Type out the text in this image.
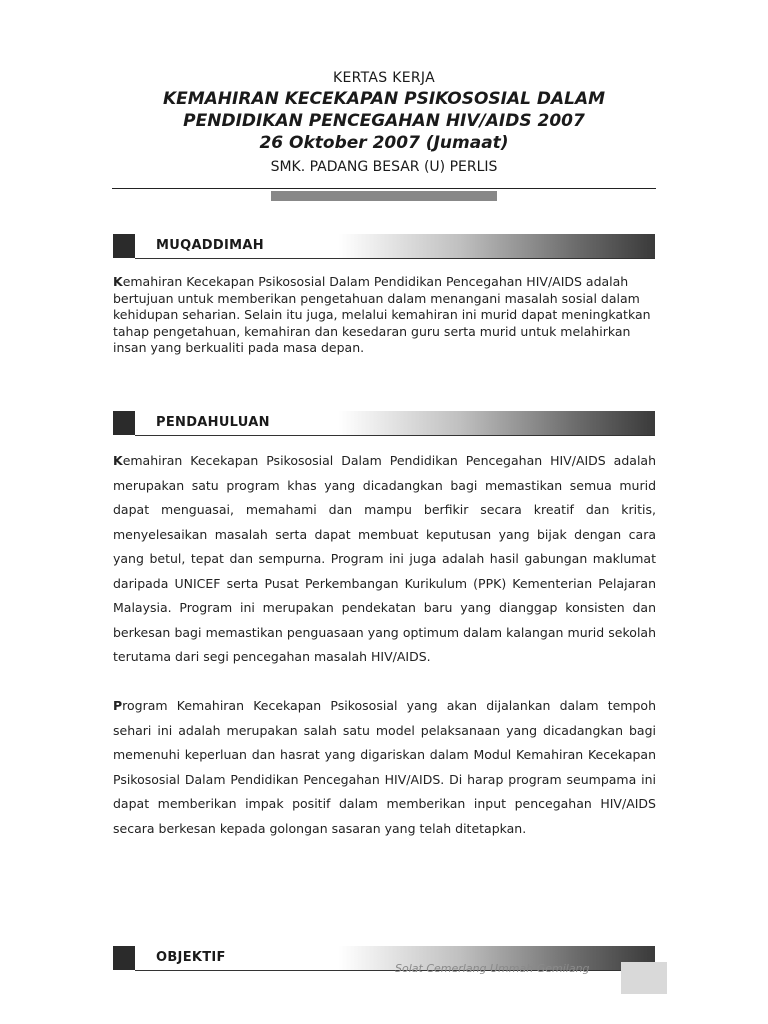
KERTAS KERJA
KEMAHIRAN KECEKAPAN PSIKOSOSIAL DALAM
PENDIDIKAN PENCEGAHAN HIV/AIDS 2007
26 Oktober 2007 (Jumaat)
SMK. PADANG BESAR (U) PERLIS
MUQADDIMAH
Kemahiran Kecekapan Psikososial Dalam Pendidikan Pencegahan HIV/AIDS adalah bertujuan untuk memberikan pengetahuan dalam menangani masalah sosial dalam kehidupan seharian. Selain itu juga, melalui kemahiran ini murid dapat meningkatkan tahap pengetahuan, kemahiran dan kesedaran guru serta murid untuk melahirkan insan yang berkualiti pada masa depan.
PENDAHULUAN
Kemahiran Kecekapan Psikososial Dalam Pendidikan Pencegahan HIV/AIDS adalah merupakan satu program khas yang dicadangkan bagi memastikan semua murid dapat menguasai, memahami dan mampu berfikir secara kreatif dan kritis, menyelesaikan masalah serta dapat membuat keputusan yang bijak dengan cara yang betul, tepat dan sempurna. Program ini juga adalah hasil gabungan maklumat daripada UNICEF serta Pusat Perkembangan Kurikulum (PPK) Kementerian Pelajaran Malaysia. Program ini merupakan pendekatan baru yang dianggap konsisten dan berkesan bagi memastikan penguasaan yang optimum dalam kalangan murid sekolah terutama dari segi pencegahan masalah HIV/AIDS.
Program Kemahiran Kecekapan Psikososial yang akan dijalankan dalam tempoh sehari ini adalah merupakan salah satu model pelaksanaan yang dicadangkan bagi memenuhi keperluan dan hasrat yang digariskan dalam Modul Kemahiran Kecekapan Psikososial Dalam Pendidikan Pencegahan HIV/AIDS. Di harap program seumpama ini dapat memberikan impak positif dalam memberikan input pencegahan HIV/AIDS secara berkesan kepada golongan sasaran yang telah ditetapkan.
OBJEKTIF
Solat Cemerlang Ummah Gemilang
